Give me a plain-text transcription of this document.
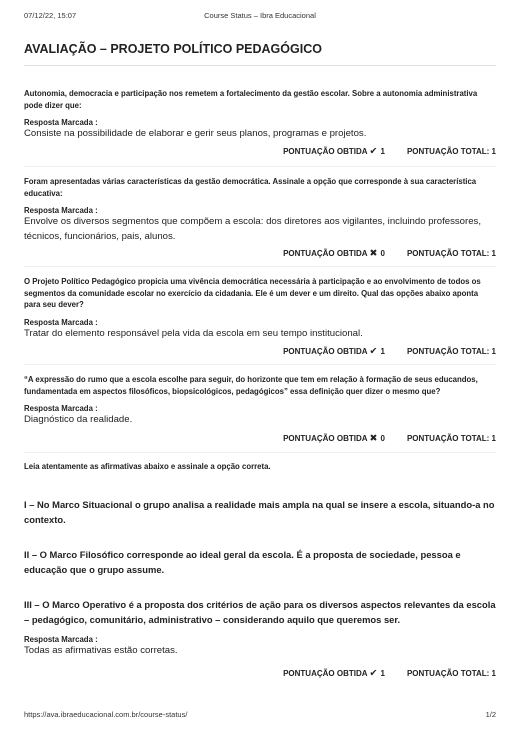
07/12/22, 15:07	Course Status – Ibra Educacional
AVALIAÇÃO – PROJETO POLÍTICO PEDAGÓGICO

Autonomia, democracia e participação nos remetem a fortalecimento da gestão escolar. Sobre a autonomia administrativa pode dizer que:

Resposta Marcada :

Consiste na possibilidade de elaborar e gerir seus planos, programas e projetos.

PONTUAÇÃO OBTIDA ✔ 1	PONTUAÇÃO TOTAL: 1

Foram apresentadas várias características da gestão democrática. Assinale a opção que corresponde à sua característica educativa:

Resposta Marcada :

Envolve os diversos segmentos que compõem a escola: dos diretores aos vigilantes, incluindo professores, técnicos, funcionários, pais, alunos.

PONTUAÇÃO OBTIDA ✖ 0	PONTUAÇÃO TOTAL: 1

O Projeto Político Pedagógico propicia uma vivência democrática necessária à participação e ao envolvimento de todos os segmentos da comunidade escolar no exercício da cidadania. Ele é um dever e um direito. Qual das opções abaixo aponta para seu dever?

Resposta Marcada :

Tratar do elemento responsável pela vida da escola em seu tempo institucional.

PONTUAÇÃO OBTIDA ✔ 1	PONTUAÇÃO TOTAL: 1

“A expressão do rumo que a escola escolhe para seguir, do horizonte que tem em relação à formação de seus educandos, fundamentada em aspectos filosóficos, biopsicológicos, pedagógicos” essa definição quer dizer o mesmo que?

Resposta Marcada :

Diagnóstico da realidade.

PONTUAÇÃO OBTIDA ✖ 0	PONTUAÇÃO TOTAL: 1

Leia atentamente as afirmativas abaixo e assinale a opção correta.

I – No Marco Situacional o grupo analisa a realidade mais ampla na qual se insere a escola, situando-a no contexto.

II – O Marco Filosófico corresponde ao ideal geral da escola. É a proposta de sociedade, pessoa e educação que o grupo assume.

III – O Marco Operativo é a proposta dos critérios de ação para os diversos aspectos relevantes da escola – pedagógico, comunitário, administrativo – considerando aquilo que queremos ser.

Resposta Marcada :

Todas as afirmativas estão corretas.

PONTUAÇÃO OBTIDA ✔ 1	PONTUAÇÃO TOTAL: 1
https://ava.ibraeducacional.com.br/course-status/	1/2
